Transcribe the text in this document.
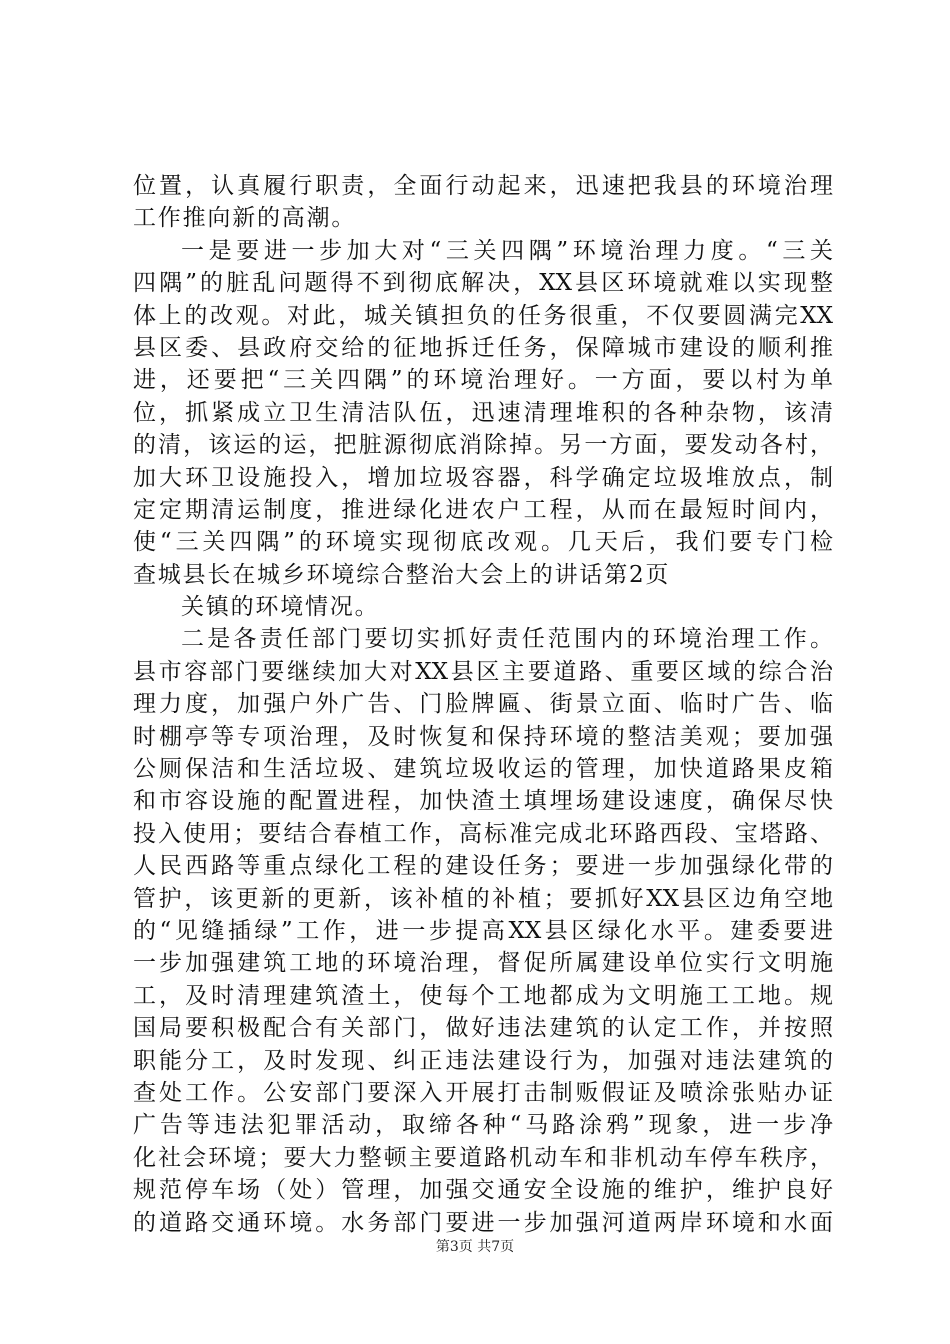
位置，认真履行职责，全面行动起来，迅速把我县的环境治理
工作推向新的高潮。
一是要进一步加大对“三关四隅”环境治理力度。“三关
四隅”的脏乱问题得不到彻底解决，XX县区环境就难以实现整
体上的改观。对此，城关镇担负的任务很重，不仅要圆满完XX
县区委、县政府交给的征地拆迁任务，保障城市建设的顺利推
进，还要把“三关四隅”的环境治理好。一方面，要以村为单
位，抓紧成立卫生清洁队伍，迅速清理堆积的各种杂物，该清
的清，该运的运，把脏源彻底消除掉。另一方面，要发动各村，
加大环卫设施投入，增加垃圾容器，科学确定垃圾堆放点，制
定定期清运制度，推进绿化进农户工程，从而在最短时间内，
使“三关四隅”的环境实现彻底改观。几天后，我们要专门检
查城县长在城乡环境综合整治大会上的讲话第2页
关镇的环境情况。
二是各责任部门要切实抓好责任范围内的环境治理工作。
县市容部门要继续加大对XX县区主要道路、重要区域的综合治
理力度，加强户外广告、门脸牌匾、街景立面、临时广告、临
时棚亭等专项治理，及时恢复和保持环境的整洁美观；要加强
公厕保洁和生活垃圾、建筑垃圾收运的管理，加快道路果皮箱
和市容设施的配置进程，加快渣土填埋场建设速度，确保尽快
投入使用；要结合春植工作，高标准完成北环路西段、宝塔路、
人民西路等重点绿化工程的建设任务；要进一步加强绿化带的
管护，该更新的更新，该补植的补植；要抓好XX县区边角空地
的“见缝插绿”工作，进一步提高XX县区绿化水平。建委要进
一步加强建筑工地的环境治理，督促所属建设单位实行文明施
工，及时清理建筑渣土，使每个工地都成为文明施工工地。规
国局要积极配合有关部门，做好违法建筑的认定工作，并按照
职能分工，及时发现、纠正违法建设行为，加强对违法建筑的
查处工作。公安部门要深入开展打击制贩假证及喷涂张贴办证
广告等违法犯罪活动，取缔各种“马路涂鸦”现象，进一步净
化社会环境；要大力整顿主要道路机动车和非机动车停车秩序，
规范停车场（处）管理，加强交通安全设施的维护，维护良好
的道路交通环境。水务部门要进一步加强河道两岸环境和水面
第3页 共7页
